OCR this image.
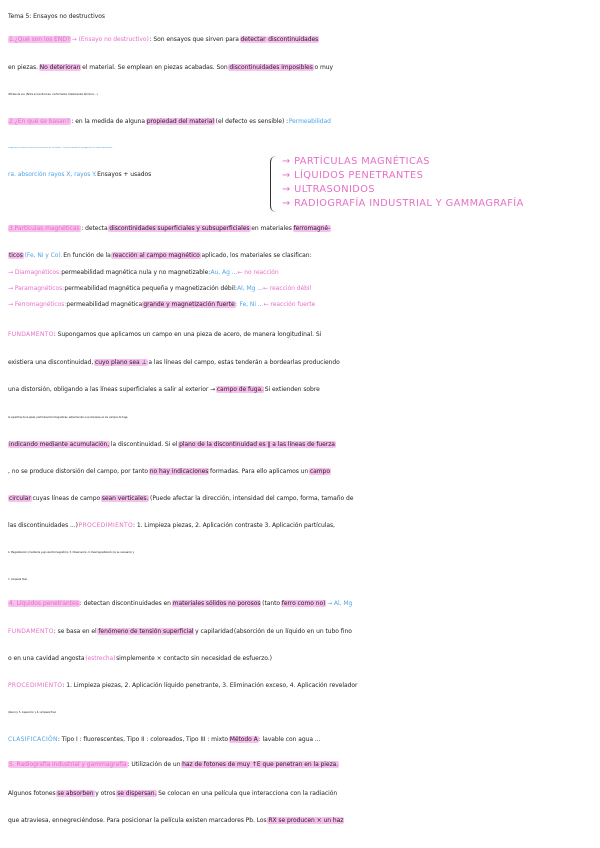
Tema 5: Ensayos no destructivos
1.¿Qué son los END? → (Ensayo no destructivo) : Son ensayos que sirven para detectar discontinuidades
en piezas. No deterioran el material. Se emplean en piezas acabadas. Son discontinuidades imposibles o muy
difíciles de ver. (Fallos en fundiciones, conformados, tratamientos térmicos ...).
2.¿En qué se basan? : en la medida de alguna propiedad del material (el defecto es sensible) : Permeabilidad
magnética, resistencia eléctrica, penetración de un líquido × tensión superficial, propagación de ondas ultrasonidos
ra. absorción rayos X, rayos Y. Ensayos + usados
→ PARTÍCULAS MAGNÉTICAS
→ LÍQUIDOS PENETRANTES
→ ULTRASONIDOS
→ RADIOGRAFÍA INDUSTRIAL Y GAMMAGRAFÍA
3.Partículas magnéticas : detecta discontinidades superficiales y subsuperficiales en materiales ferromagné-
ticos (Fe, Ni y Co). En función de la reacción al campo magnético aplicado, los materiales se clasifican:
→ Diamagnéticos: permeabilidad magnética nula y no magnetizable: Au, Ag ... ← no reacción
→ Paramagnéticos: permeabilidad magnética pequeña y magnetización débil: Al, Mg ... ← reacción débil
→ Ferromagnéticos: permeabilidad magnética grande y magnetización fuerte: Fe, Ni ... ← reacción fuerte
FUNDAMENTO: Supongamos que aplicamos un campo en una pieza de acero, de manera longitudinal. Si
existiera una discontinuidad, cuyo plano sea ⊥ a las líneas del campo, estas tenderán a bordearlas produciendo
una distorsión, obligando a las líneas superficiales a salir al exterior → campo de fuga. Si extienden sobre
la superficie de la pieza, partículas ferromagnéticas, estas tienden a acumularse en los campos de fuga,
indicando mediante acumulación, la discontinuidad. Si el plano de la discontinuidad es ∥ a las líneas de fuerza
, no se produce distorsión del campo, por tanto no hay indicaciones formadas. Para ello aplicamos un campo
circular cuyas líneas de campo sean verticales. (Puede afectar la dirección, intensidad del campo, forma, tamaño de
las discontinuidades ...) PROCEDIMIENTO: 1. Limpieza piezas, 2. Aplicación contraste 3. Aplicación partículas,
4. Magnetización (mediante yugo electromagnético), 5. Observación, 6. Desmagnetización (si es necesario) y
7. Limpieza final.
4. Líquidos penetrantes: detectan discontinuidades en materiales sólidos no porosos (tanto ferro como no) → Al, Mg
FUNDAMENTO: se basa en el fenómeno de tensión superficial y capilaridad (absorción de un líquido en un tubo fino
o en una cavidad angosta (estrecha) simplemente × contacto sin necesidad de esfuerzo.)
PROCEDIMIENTO: 1. Limpieza piezas, 2. Aplicación líquido penetrante, 3. Eliminación exceso, 4. Aplicación revelador
(blanco), 5. Inspección y 6. Limpieza final.
CLASIFICACIÓN: Tipo I : fluorescentes, Tipo II : coloreados, Tipo III : mixto Método A: lavable con agua ...
5. Radiografía industrial y gammagrafía: Utilización de un haz de fotones de muy ↑E que penetran en la pieza.
Algunos fotones se absorben y otros se dispersan. Se colocan en una película que interacciona con la radiación
que atraviesa, ennegreciéndose. Para posicionar la película existen marcadores Pb. Los RX se producen × un haz
